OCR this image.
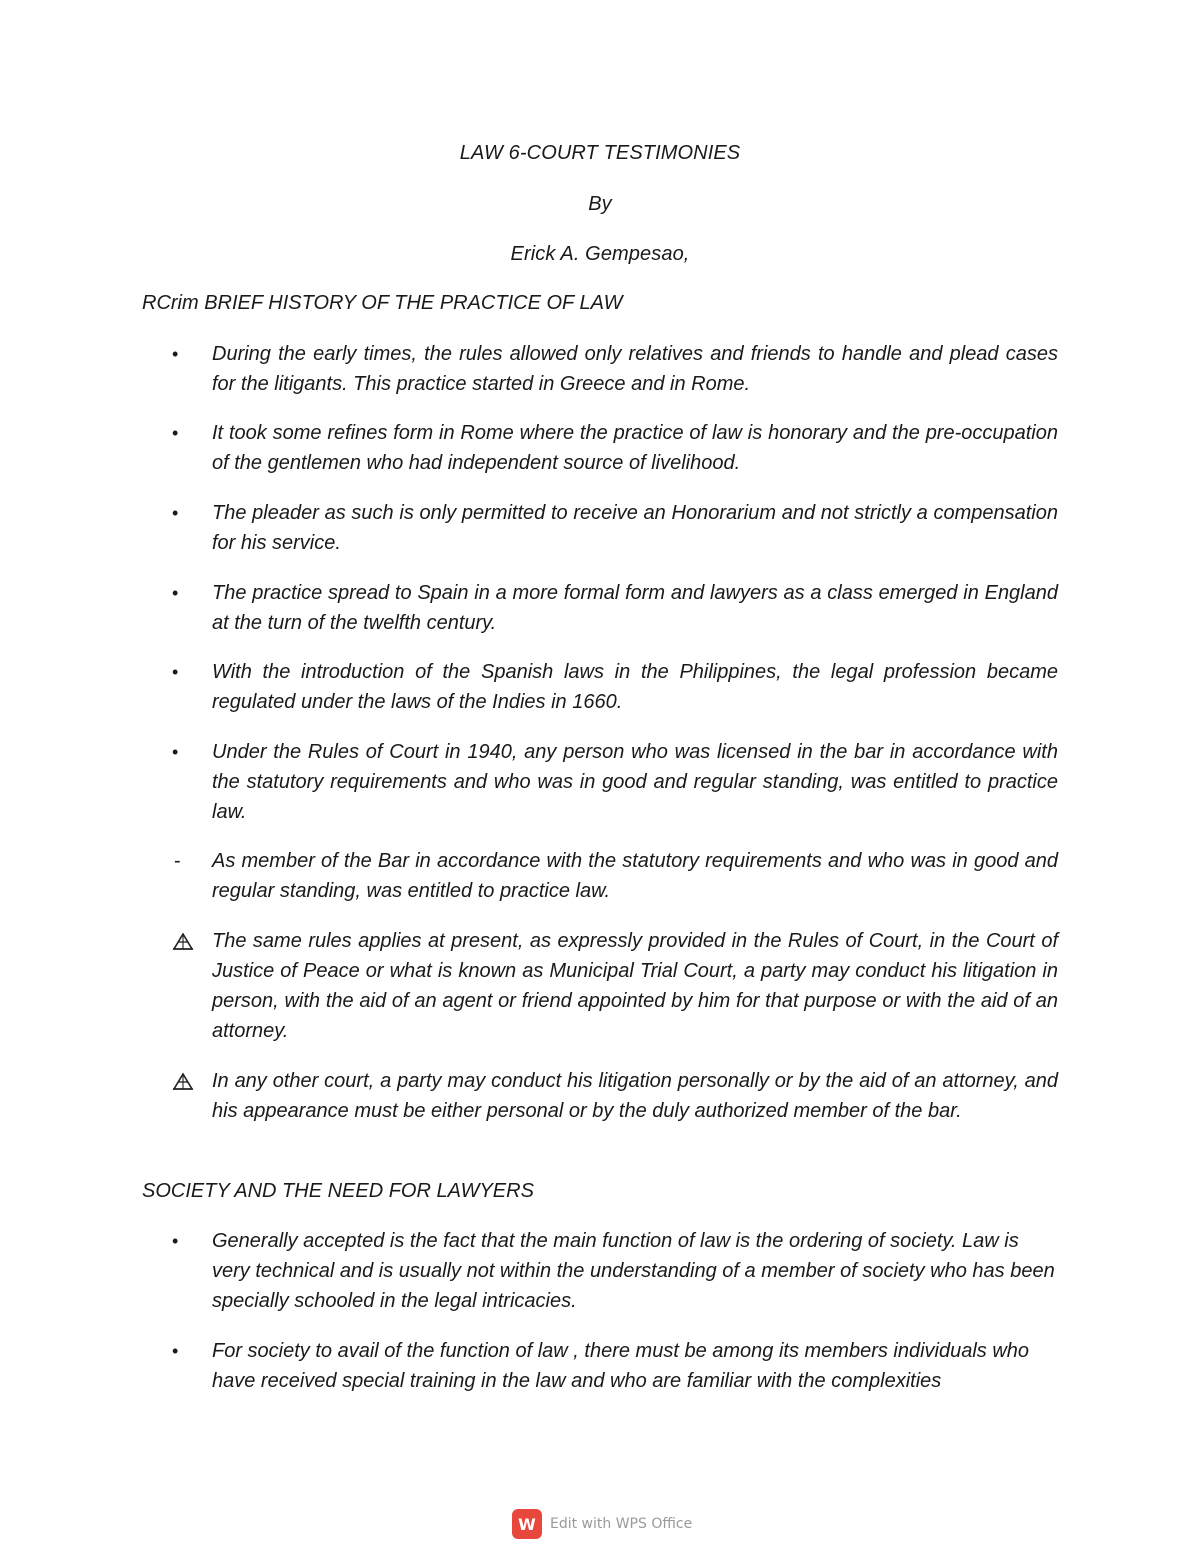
LAW 6-COURT TESTIMONIES
By
Erick A. Gempesao,
RCrim BRIEF HISTORY OF THE PRACTICE OF LAW
•	During the early times, the rules allowed only relatives and friends to handle and plead cases for the litigants. This practice started in Greece and in Rome.
•	It took some refines form in Rome where the practice of law is honorary and the pre-occupation of the gentlemen who had independent source of livelihood.
•	The pleader as such is only permitted to receive an Honorarium and not strictly a compensation for his service.
•	The practice spread to Spain in a more formal form and lawyers as a class emerged in England at the turn of the twelfth century.
•	With the introduction of the Spanish laws in the Philippines, the legal profession became regulated under the laws of the Indies in 1660.
•	Under the Rules of Court in 1940, any person who was licensed in the bar in accordance with the statutory requirements and who was in good and regular standing, was entitled to practice law.
-	As member of the Bar in accordance with the statutory requirements and who was in good and regular standing, was entitled to practice law.
The same rules applies at present, as expressly provided in the Rules of Court, in the Court of Justice of Peace or what is known as Municipal Trial Court, a party may conduct his litigation in person, with the aid of an agent or friend appointed by him for that purpose or with the aid of an attorney.
In any other court, a party may conduct his litigation personally or by the aid of an attorney, and his appearance must be either personal or by the duly authorized member of the bar.
SOCIETY AND THE NEED FOR LAWYERS
•	Generally accepted is the fact that the main function of law is the ordering of society. Law is very technical and is usually not within the understanding of a member of society who has been specially schooled in the legal intricacies.
•	For society to avail of the function of law , there must be among its members individuals who have received special training in the law and who are familiar with the complexities
W Edit with WPS Office
